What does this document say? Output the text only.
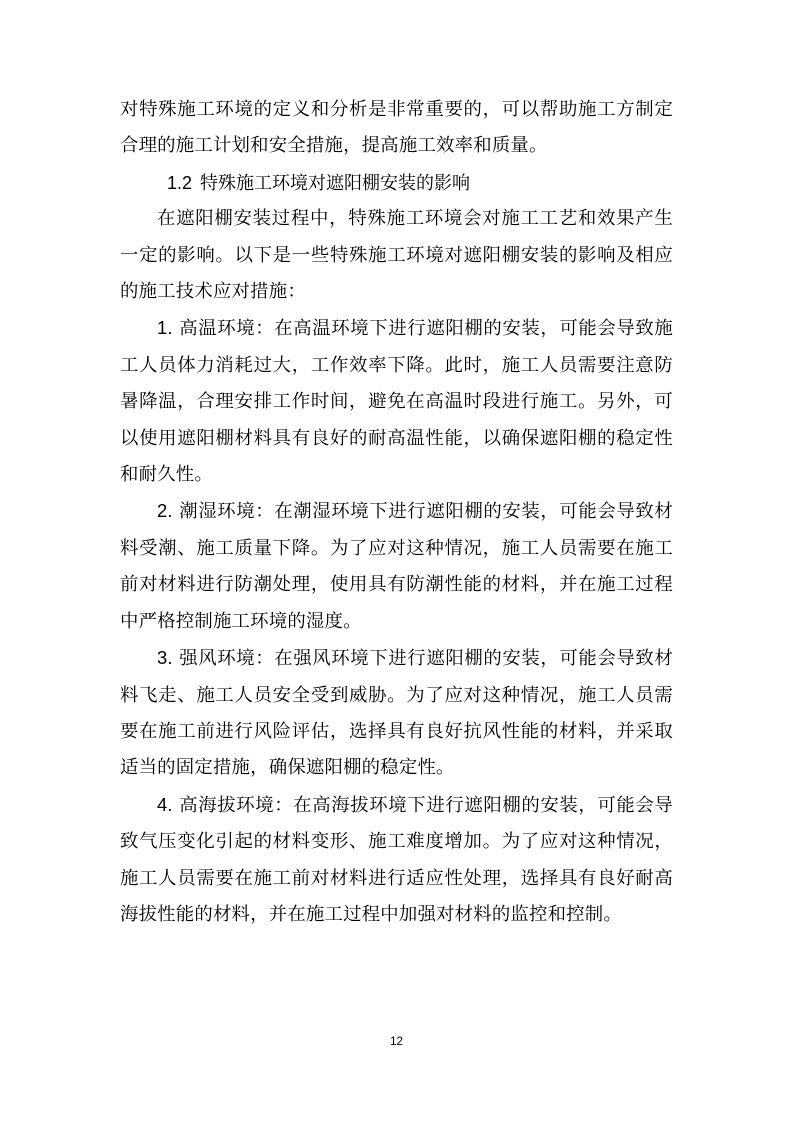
对特殊施工环境的定义和分析是非常重要的，可以帮助施工方制定合理的施工计划和安全措施，提高施工效率和质量。

1.2 特殊施工环境对遮阳棚安装的影响

在遮阳棚安装过程中，特殊施工环境会对施工工艺和效果产生一定的影响。以下是一些特殊施工环境对遮阳棚安装的影响及相应的施工技术应对措施：

1. 高温环境：在高温环境下进行遮阳棚的安装，可能会导致施工人员体力消耗过大，工作效率下降。此时，施工人员需要注意防暑降温，合理安排工作时间，避免在高温时段进行施工。另外，可以使用遮阳棚材料具有良好的耐高温性能，以确保遮阳棚的稳定性和耐久性。

2. 潮湿环境：在潮湿环境下进行遮阳棚的安装，可能会导致材料受潮、施工质量下降。为了应对这种情况，施工人员需要在施工前对材料进行防潮处理，使用具有防潮性能的材料，并在施工过程中严格控制施工环境的湿度。

3. 强风环境：在强风环境下进行遮阳棚的安装，可能会导致材料飞走、施工人员安全受到威胁。为了应对这种情况，施工人员需要在施工前进行风险评估，选择具有良好抗风性能的材料，并采取适当的固定措施，确保遮阳棚的稳定性。

4. 高海拔环境：在高海拔环境下进行遮阳棚的安装，可能会导致气压变化引起的材料变形、施工难度增加。为了应对这种情况，施工人员需要在施工前对材料进行适应性处理，选择具有良好耐高海拔性能的材料，并在施工过程中加强对材料的监控和控制。

12
